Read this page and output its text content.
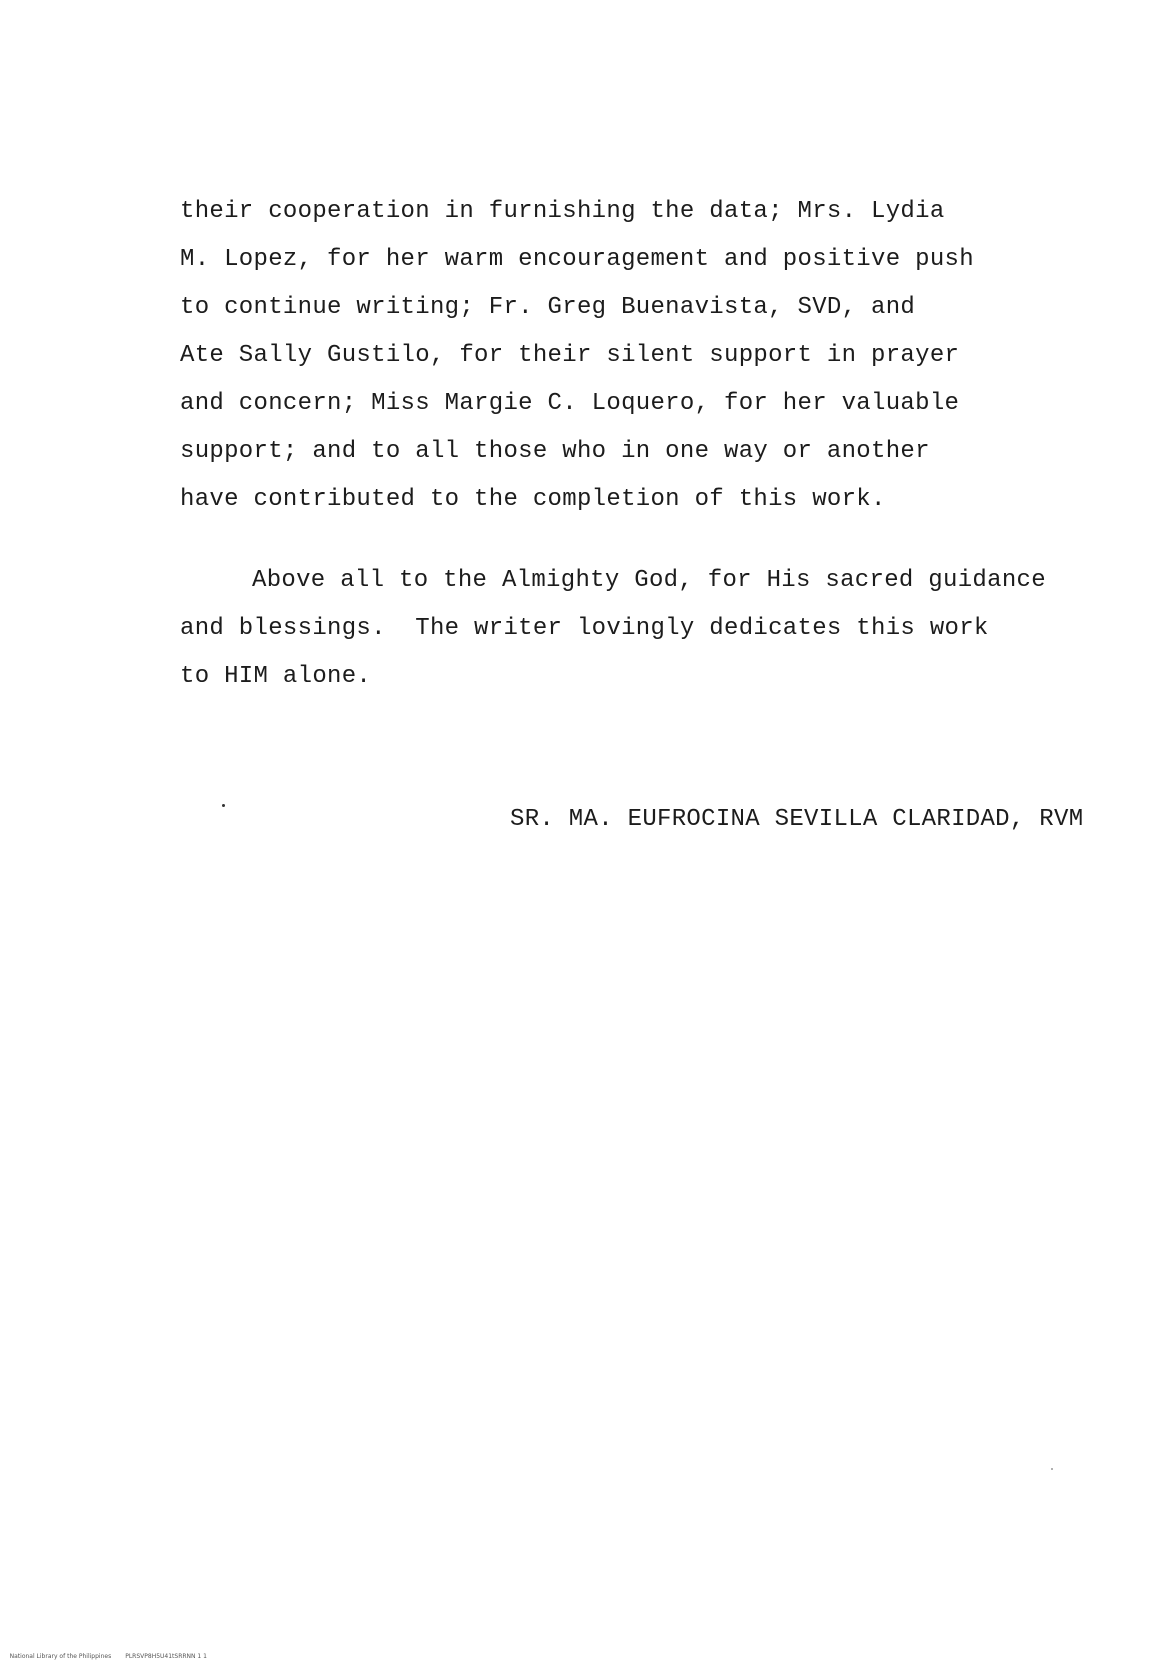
their cooperation in furnishing the data; Mrs. Lydia
M. Lopez, for her warm encouragement and positive push
to continue writing; Fr. Greg Buenavista, SVD, and
Ate Sally Gustilo, for their silent support in prayer
and concern; Miss Margie C. Loquero, for her valuable
support; and to all those who in one way or another
have contributed to the completion of this work.
Above all to the Almighty God, for His sacred guidance
and blessings.  The writer lovingly dedicates this work
to HIM alone.
SR. MA. EUFROCINA SEVILLA CLARIDAD, RVM

National Library of the Philippines PLRSVP8H5U41tSRRNN 1 1
